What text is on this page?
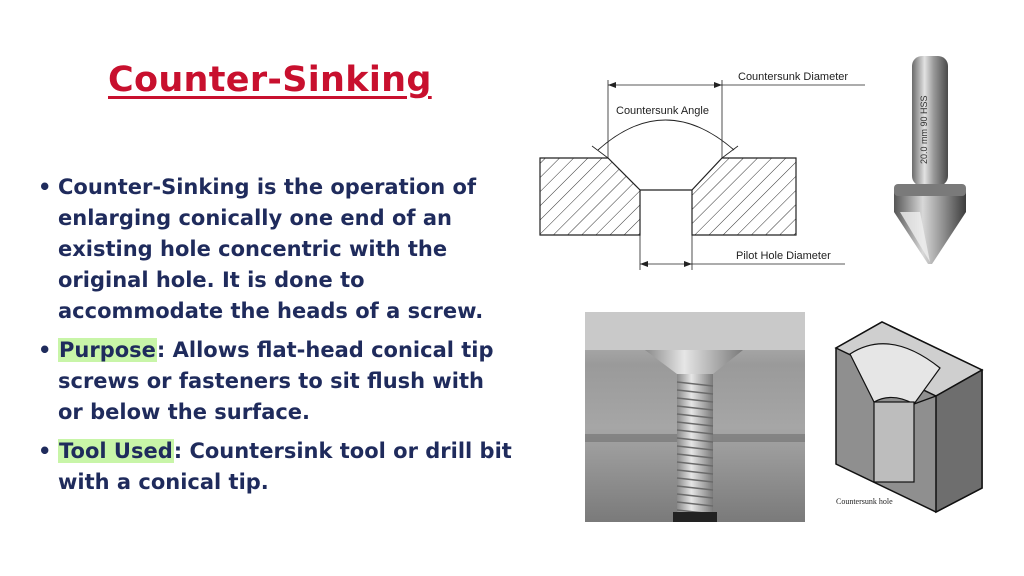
Counter-Sinking
• Counter-Sinking is the operation of enlarging conically one end of an existing hole concentric with the original hole. It is done to accommodate the heads of a screw.
• Purpose: Allows flat-head conical tip screws or fasteners to sit flush with or below the surface.
• Tool Used: Countersink tool or drill bit with a conical tip.
Countersunk Diameter
Countersunk Angle
Pilot Hole Diameter
20.0 mm 90 HSS
Countersunk hole
